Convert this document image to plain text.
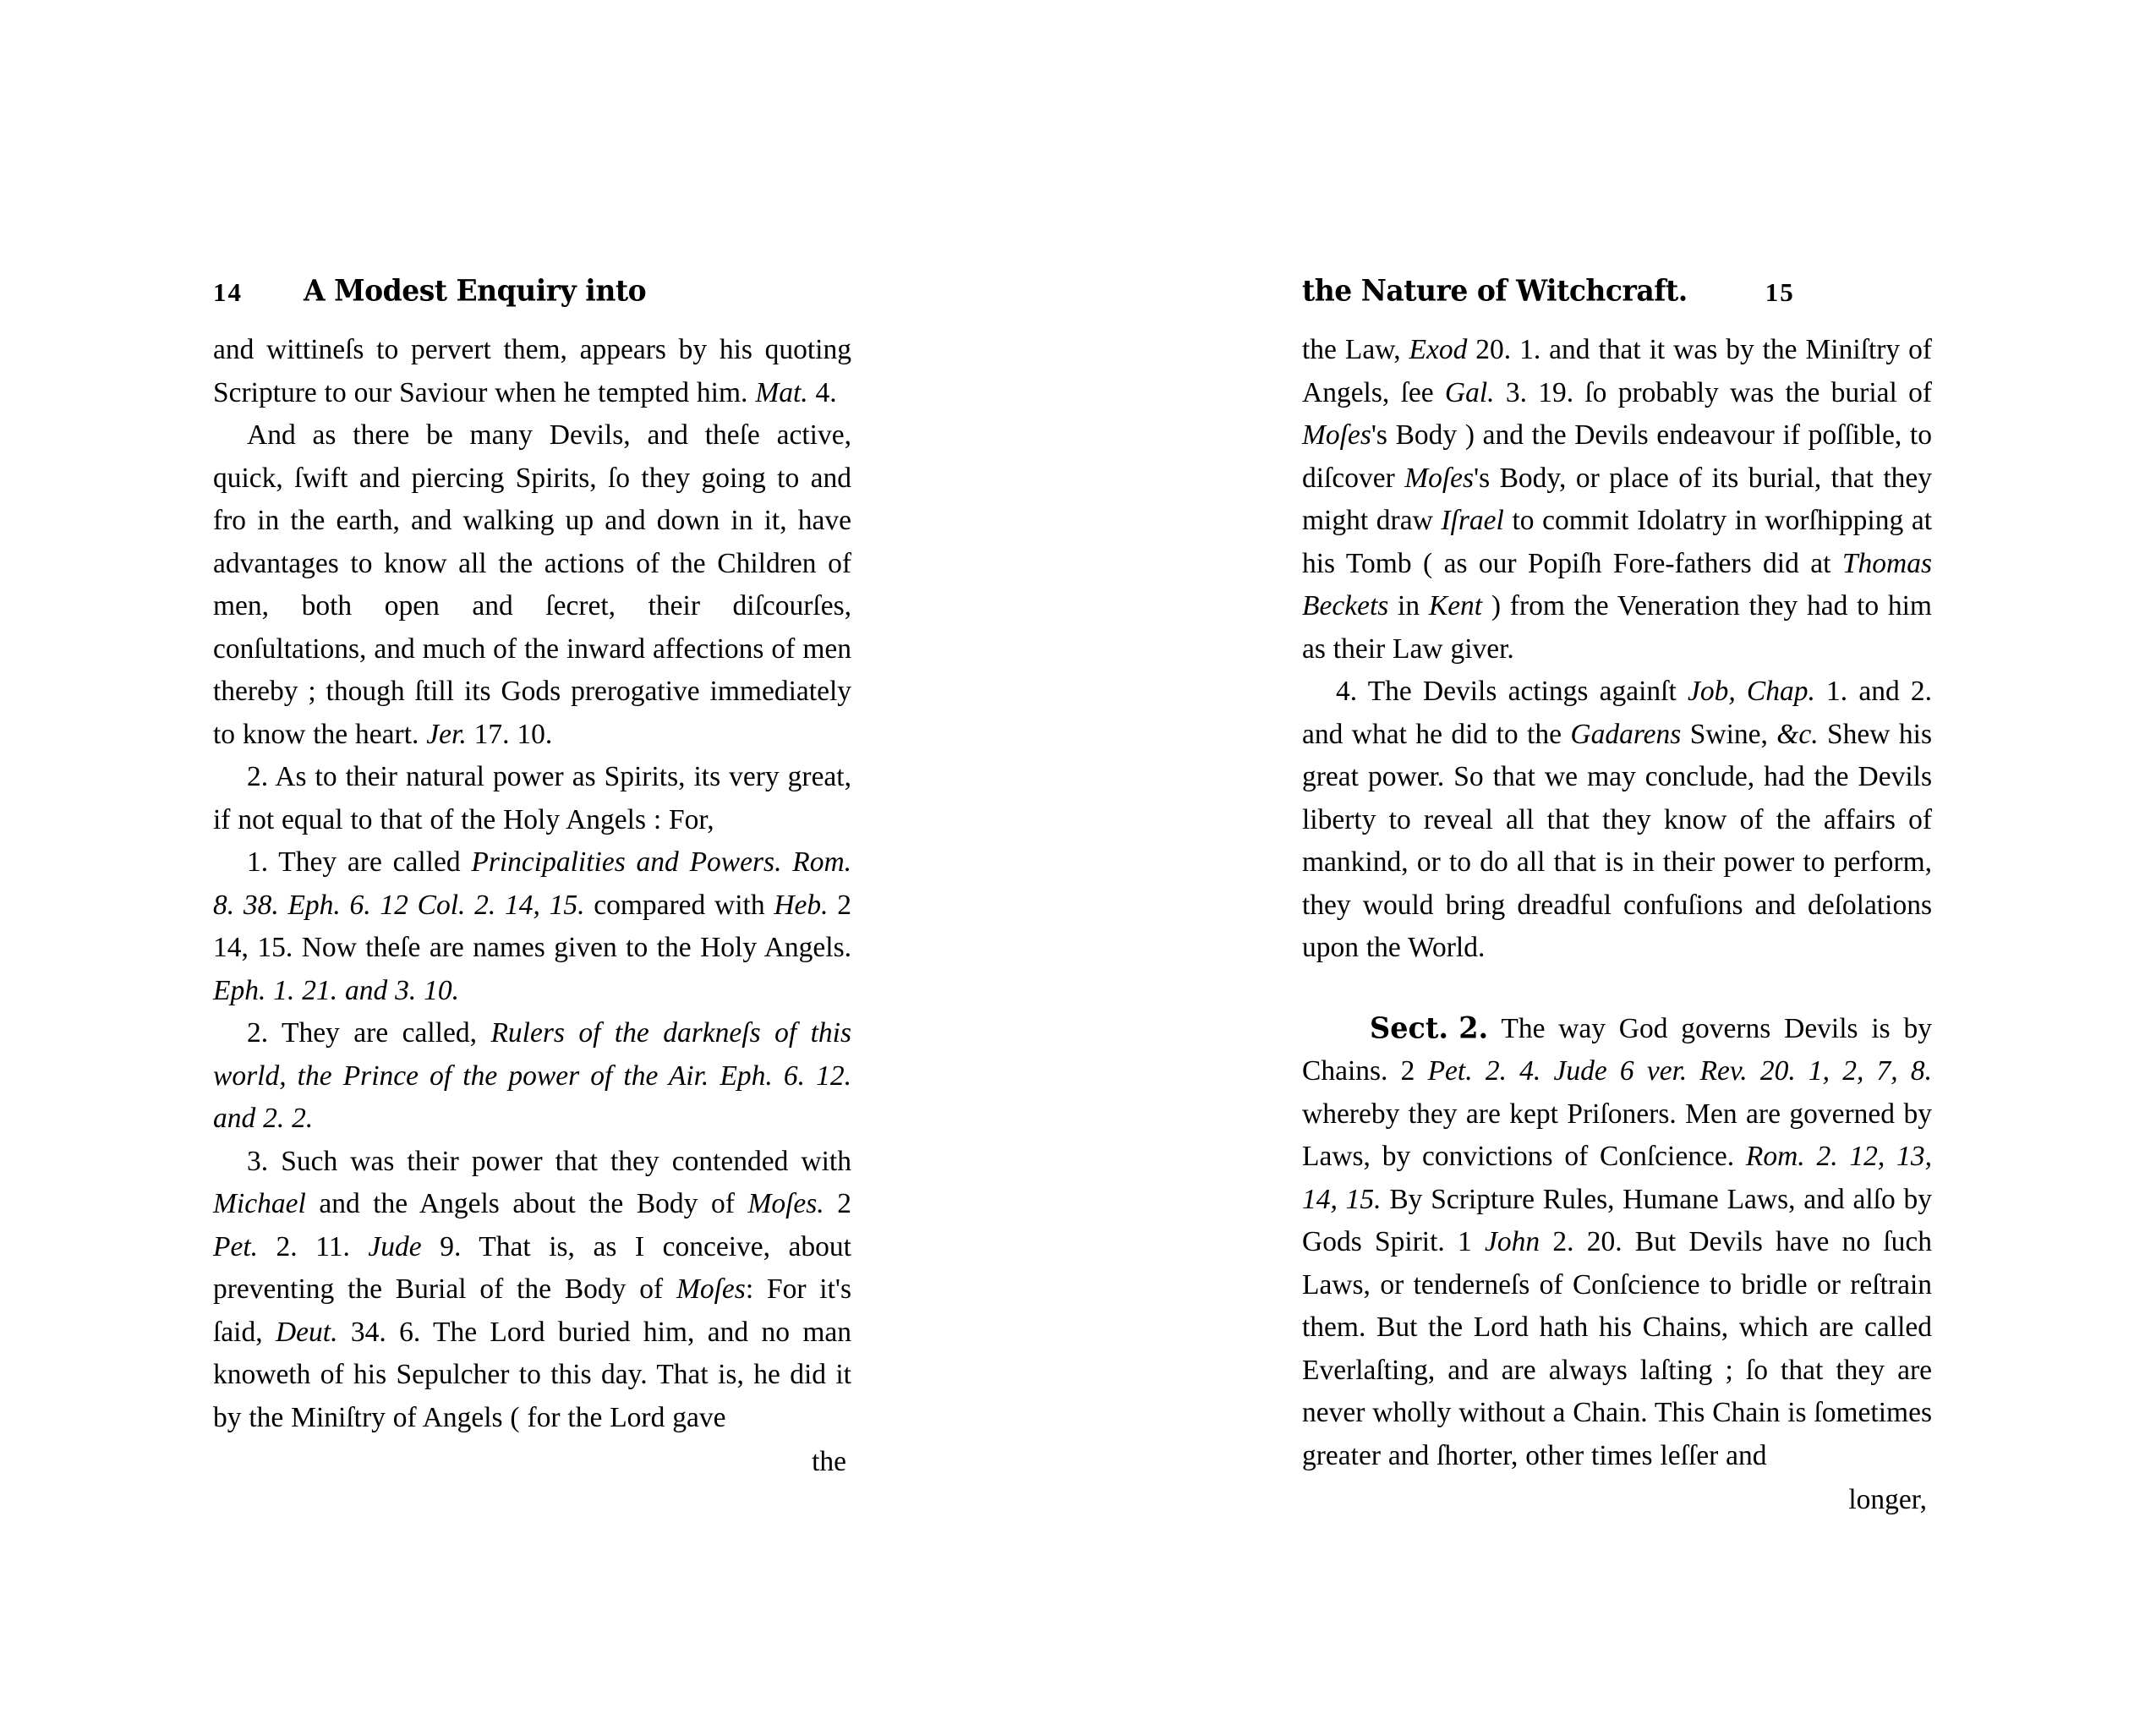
14 A Modest Enquiry into

and wittineſs to pervert them, appears by his quoting Scripture to our Saviour when he tempted him. Mat. 4.

And as there be many Devils, and theſe active, quick, ſwift and piercing Spirits, ſo they going to and fro in the earth, and walking up and down in it, have advantages to know all the actions of the Children of men, both open and ſecret, their diſcourſes, conſultations, and much of the inward affections of men thereby ; though ſtill its Gods prerogative immediately to know the heart. Jer. 17. 10.

2. As to their natural power as Spirits, its very great, if not equal to that of the Holy Angels : For,

1. They are called Principalities and Powers. Rom. 8. 38. Eph. 6. 12 Col. 2. 14, 15. compared with Heb. 2 14, 15. Now theſe are names given to the Holy Angels. Eph. 1. 21. and 3. 10.

2. They are called, Rulers of the darkneſs of this world, the Prince of the power of the Air. Eph. 6. 12. and 2. 2.

3. Such was their power that they contended with Michael and the Angels about the Body of Moſes. 2 Pet. 2. 11. Jude 9. That is, as I conceive, about preventing the Burial of the Body of Moſes: For it's ſaid, Deut. 34. 6. The Lord buried him, and no man knoweth of his Sepulcher to this day. That is, he did it by the Miniſtry of Angels ( for the Lord gave

the
the Nature of Witchcraft.	15

the Law, Exod 20. 1. and that it was by the Miniſtry of Angels, ſee Gal. 3. 19. ſo probably was the burial of Moſes's Body ) and the Devils endeavour if poſſible, to diſcover Moſes's Body, or place of its burial, that they might draw Iſrael to commit Idolatry in worſhipping at his Tomb ( as our Popiſh Fore-fathers did at Thomas Beckets in Kent ) from the Veneration they had to him as their Law giver.

4. The Devils actings againſt Job, Chap. 1. and 2. and what he did to the Gadarens Swine, &c. Shew his great power. So that we may conclude, had the Devils liberty to reveal all that they know of the affairs of mankind, or to do all that is in their power to perform, they would bring dreadful confuſions and deſolations upon the World.

Sect. 2. The way God governs Devils is by Chains. 2 Pet. 2. 4. Jude 6 ver. Rev. 20. 1, 2, 7, 8. whereby they are kept Priſoners. Men are governed by Laws, by convictions of Conſcience. Rom. 2. 12, 13, 14, 15. By Scripture Rules, Humane Laws, and alſo by Gods Spirit. 1 John 2. 20. But Devils have no ſuch Laws, or tenderneſs of Conſcience to bridle or reſtrain them. But the Lord hath his Chains, which are called Everlaſting, and are always laſting ; ſo that they are never wholly without a Chain. This Chain is ſometimes greater and ſhorter, other times leſſer and

longer,
